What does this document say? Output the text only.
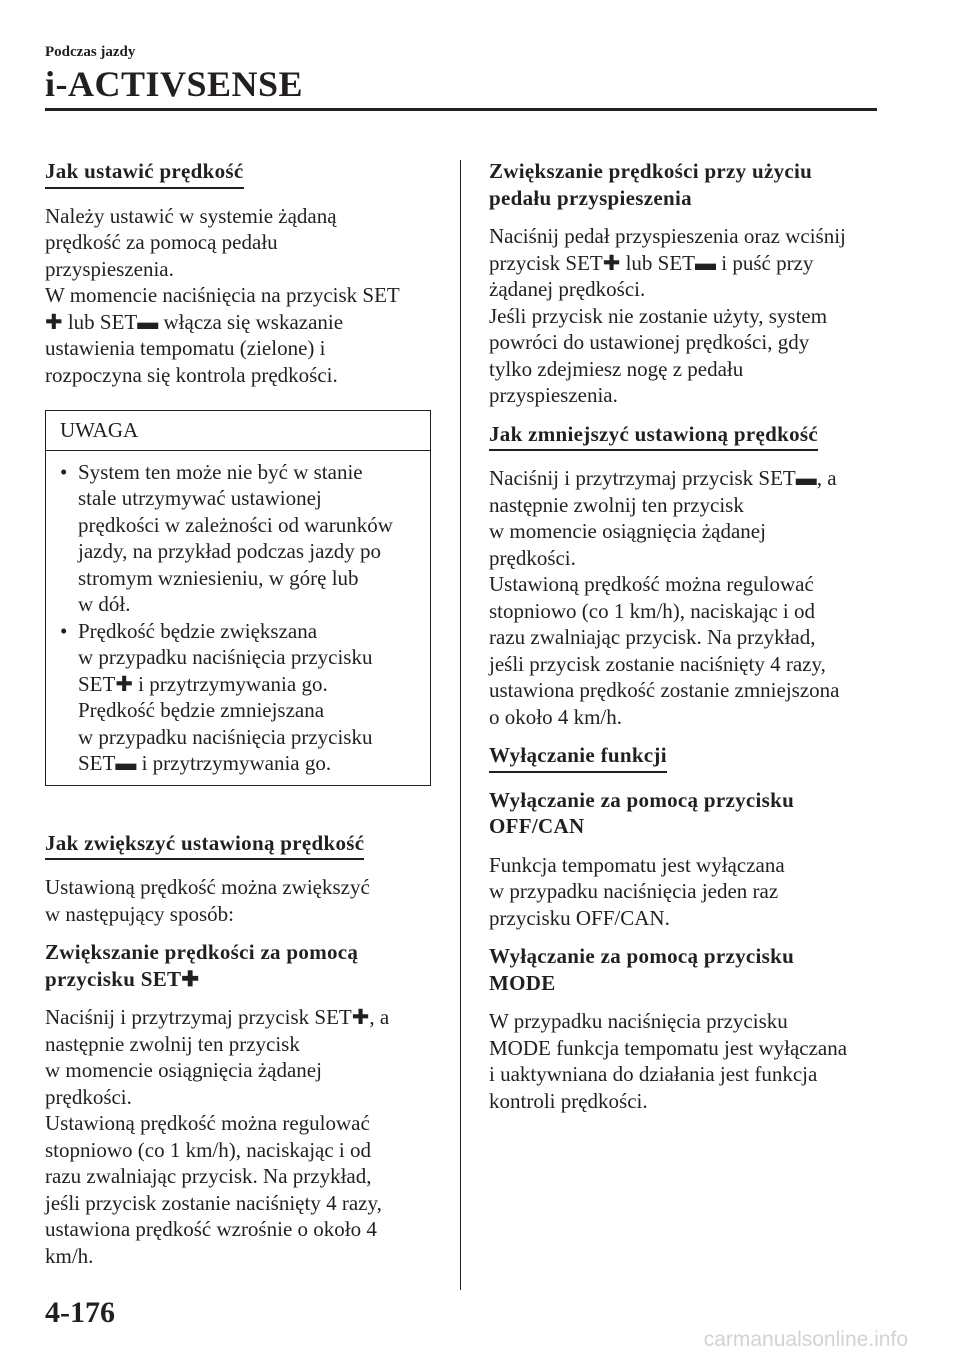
Podczas jazdy
i-ACTIVSENSE
Jak ustawić prędkość

Należy ustawić w systemie żądaną
prędkość za pomocą pedału
przyspieszenia.
W momencie naciśnięcia na przycisk SET
✚ lub SET▬ włącza się wskazanie
ustawienia tempomatu (zielone) i
rozpoczyna się kontrola prędkości.

UWAGA
• System ten może nie być w stanie
stale utrzymywać ustawionej
prędkości w zależności od warunków
jazdy, na przykład podczas jazdy po
stromym wzniesieniu, w górę lub
w dół.
• Prędkość będzie zwiększana
w przypadku naciśnięcia przycisku
SET✚ i przytrzymywania go.
Prędkość będzie zmniejszana
w przypadku naciśnięcia przycisku
SET▬ i przytrzymywania go.
Jak zwiększyć ustawioną prędkość

Ustawioną prędkość można zwiększyć
w następujący sposób:

Zwiększanie prędkości za pomocą
przycisku SET✚

Naciśnij i przytrzymaj przycisk SET✚, a
następnie zwolnij ten przycisk
w momencie osiągnięcia żądanej
prędkości.
Ustawioną prędkość można regulować
stopniowo (co 1 km/h), naciskając i od
razu zwalniając przycisk. Na przykład,
jeśli przycisk zostanie naciśnięty 4 razy,
ustawiona prędkość wzrośnie o około 4
km/h.

Zwiększanie prędkości przy użyciu
pedału przyspieszenia

Naciśnij pedał przyspieszenia oraz wciśnij
przycisk SET✚ lub SET▬ i puść przy
żądanej prędkości.
Jeśli przycisk nie zostanie użyty, system
powróci do ustawionej prędkości, gdy
tylko zdejmiesz nogę z pedału
przyspieszenia.

Jak zmniejszyć ustawioną prędkość

Naciśnij i przytrzymaj przycisk SET▬, a
następnie zwolnij ten przycisk
w momencie osiągnięcia żądanej
prędkości.
Ustawioną prędkość można regulować
stopniowo (co 1 km/h), naciskając i od
razu zwalniając przycisk. Na przykład,
jeśli przycisk zostanie naciśnięty 4 razy,
ustawiona prędkość zostanie zmniejszona
o około 4 km/h.

Wyłączanie funkcji
Wyłączanie za pomocą przycisku
OFF/CAN

Funkcja tempomatu jest wyłączana
w przypadku naciśnięcia jeden raz
przycisku OFF/CAN.

Wyłączanie za pomocą przycisku
MODE

W przypadku naciśnięcia przycisku
MODE funkcja tempomatu jest wyłączana
i uaktywniana do działania jest funkcja
kontroli prędkości.

4-176
carmanualsonline.info
